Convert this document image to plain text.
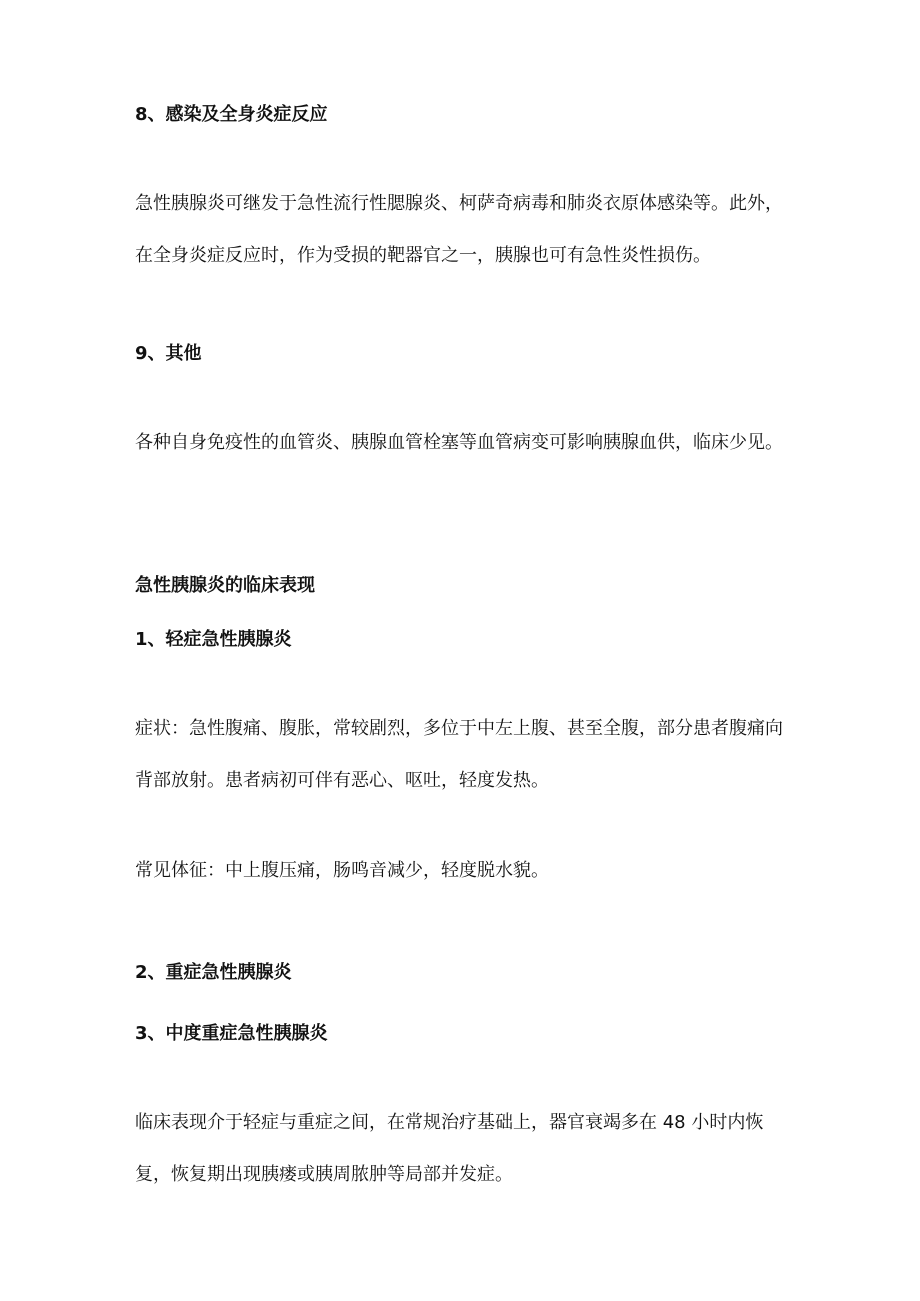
8、感染及全身炎症反应
急性胰腺炎可继发于急性流行性腮腺炎、柯萨奇病毒和肺炎衣原体感染等。此外，在全身炎症反应时，作为受损的靶器官之一，胰腺也可有急性炎性损伤。
9、其他
各种自身免疫性的血管炎、胰腺血管栓塞等血管病变可影响胰腺血供，临床少见。
急性胰腺炎的临床表现
1、轻症急性胰腺炎
症状：急性腹痛、腹胀，常较剧烈，多位于中左上腹、甚至全腹，部分患者腹痛向背部放射。患者病初可伴有恶心、呕吐，轻度发热。
常见体征：中上腹压痛，肠鸣音减少，轻度脱水貌。
2、重症急性胰腺炎
3、中度重症急性胰腺炎
临床表现介于轻症与重症之间，在常规治疗基础上，器官衰竭多在 48 小时内恢复，恢复期出现胰瘘或胰周脓肿等局部并发症。
